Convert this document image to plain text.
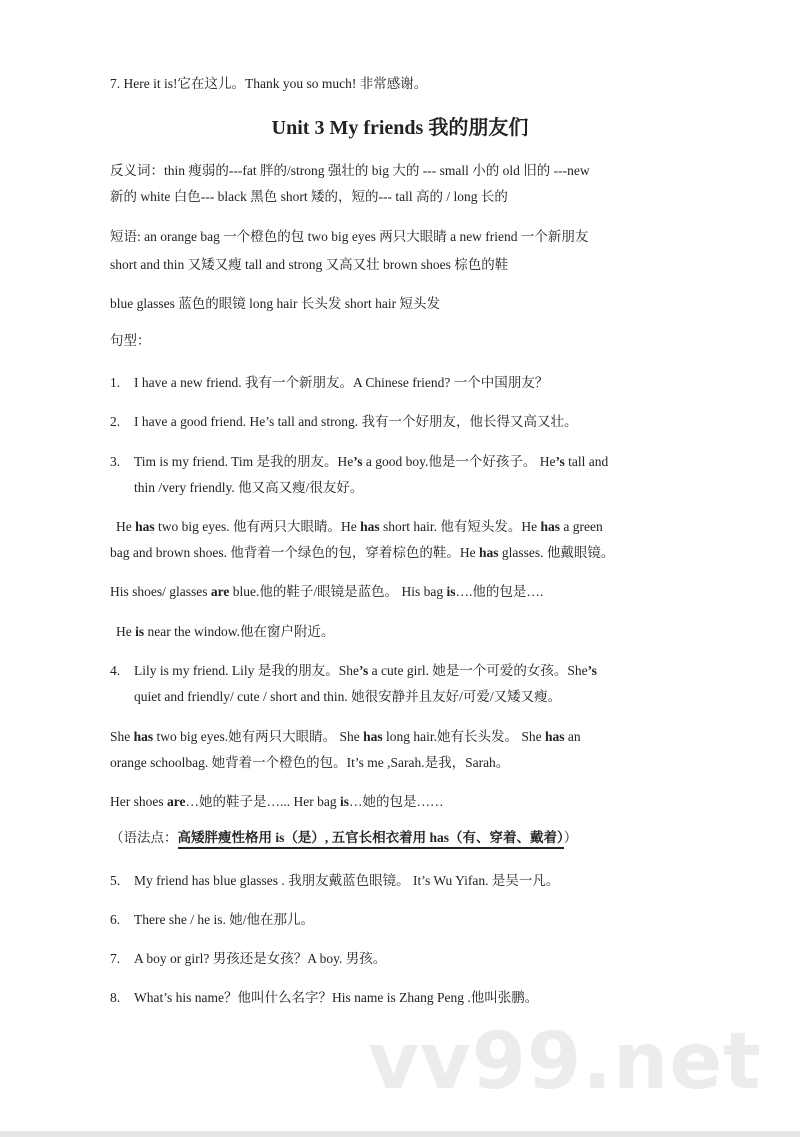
vv99.net
Unit 3 My friends 我的朋友们
7. Here it is!它在这儿。Thank you so much! 非常感谢。
反义词：thin 瘦弱的---fat 胖的/strong 强壮的 big 大的 --- small 小的 old 旧的 ---new
新的 white 白色--- black 黑色 short 矮的，短的--- tall 高的 / long 长的
短语: an orange bag 一个橙色的包 two big eyes 两只大眼睛 a new friend 一个新朋友
short and thin 又矮又瘦 tall and strong 又高又壮 brown shoes 棕色的鞋
blue glasses 蓝色的眼镜 long hair 长头发 short hair 短头发
句型：
1. I have a new friend. 我有一个新朋友。A Chinese friend? 一个中国朋友？
2. I have a good friend. He’s tall and strong. 我有一个好朋友，他长得又高又壮。
3. Tim is my friend. Tim 是我的朋友。He’s a good boy.他是一个好孩子。 He’s tall and
thin /very friendly. 他又高又瘦/很友好。
He has two big eyes. 他有两只大眼睛。He has short hair. 他有短头发。He has a green
bag and brown shoes. 他背着一个绿色的包，穿着棕色的鞋。He has glasses. 他戴眼镜。
His shoes/ glasses are blue.他的鞋子/眼镜是蓝色。 His bag is….他的包是….
He is near the window.他在窗户附近。
4. Lily is my friend. Lily 是我的朋友。She’s a cute girl. 她是一个可爱的女孩。She’s
quiet and friendly/ cute / short and thin. 她很安静并且友好/可爱/又矮又瘦。
She has two big eyes.她有两只大眼睛。 She has long hair.她有长头发。 She has an
orange schoolbag. 她背着一个橙色的包。It’s me ,Sarah.是我，Sarah。
Her shoes are…她的鞋子是…... Her bag is…她的包是……
（语法点：高矮胖瘦性格用 is（是）, 五官长相衣着用 has（有、穿着、戴着））
5. My friend has blue glasses . 我朋友戴蓝色眼镜。 It’s Wu Yifan. 是吴一凡。
6. There she / he is. 她/他在那儿。
7. A boy or girl? 男孩还是女孩？A boy. 男孩。
8. What’s his name？他叫什么名字？His name is Zhang Peng .他叫张鹏。
